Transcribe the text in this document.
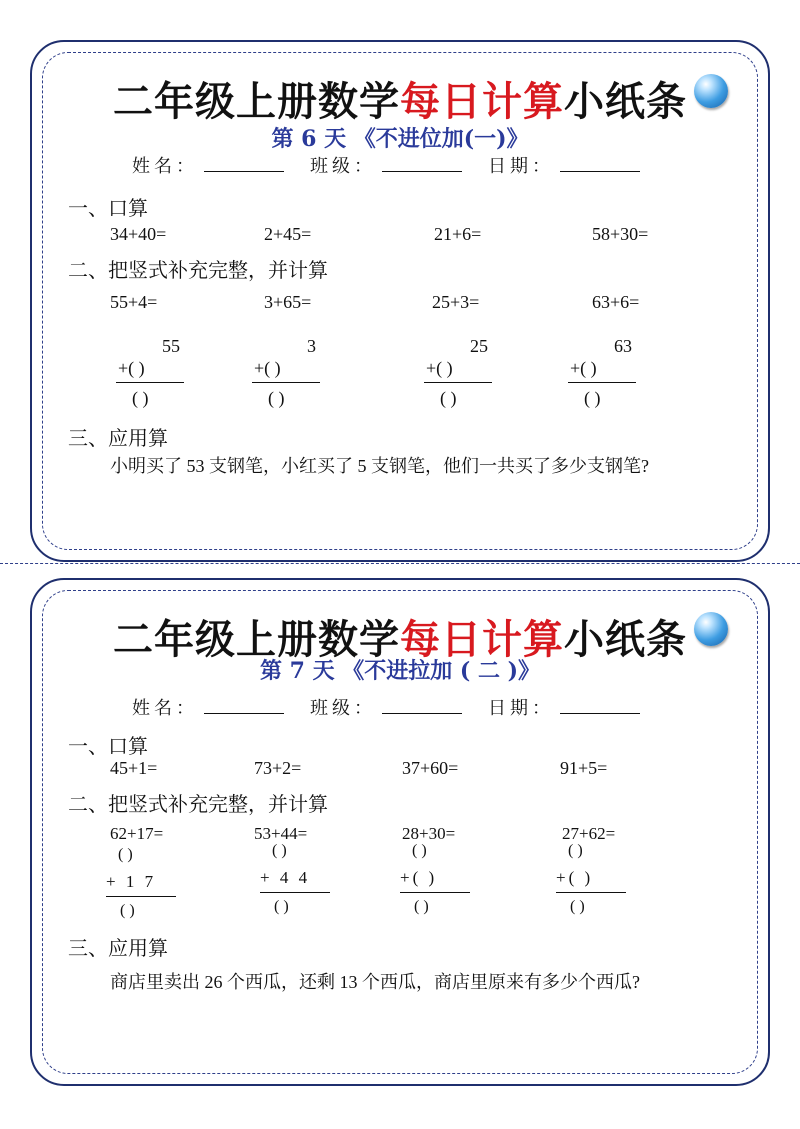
二年级上册数学每日计算小纸条
第 6 天 《不进位加(一)》
姓名：	班级：	日期：
一、口算
34+40=	2+45=	21+6=	58+30=
二、把竖式补充完整，并计算
55+4=	3+65=	25+3=	63+6=
55
+( )
( )
3
+( )
( )
25
+( )
( )
63
+( )
( )
三、应用算
小明买了 53 支钢笔，小红买了 5 支钢笔，他们一共买了多少支钢笔?
二年级上册数学每日计算小纸条
第 7 天 《不进拉加 ( 二 )》
姓名：	班级：	日期：
一、口算
45+1=	73+2=	37+60=	91+5=
二、把竖式补充完整，并计算
62+17=	53+44=	28+30=	27+62=
( )
+ 1 7
( )
( )
+ 4 4
( )
( )
+( )
( )
( )
+( )
( )
三、应用算
商店里卖出 26 个西瓜，还剩 13 个西瓜，商店里原来有多少个西瓜?
